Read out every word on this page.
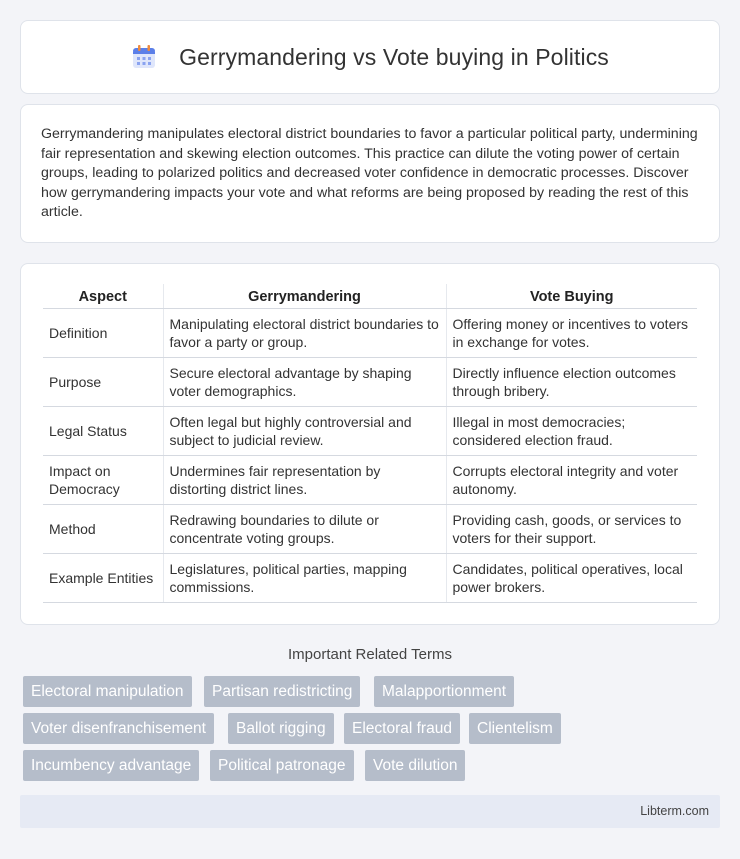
Gerrymandering vs Vote buying in Politics

Gerrymandering manipulates electoral district boundaries to favor a particular political party, undermining fair representation and skewing election outcomes. This practice can dilute the voting power of certain groups, leading to polarized politics and decreased voter confidence in democratic processes. Discover how gerrymandering impacts your vote and what reforms are being proposed by reading the rest of this article.

Aspect	Gerrymandering	Vote Buying
Definition	Manipulating electoral district boundaries to favor a party or group.	Offering money or incentives to voters in exchange for votes.
Purpose	Secure electoral advantage by shaping voter demographics.	Directly influence election outcomes through bribery.
Legal Status	Often legal but highly controversial and subject to judicial review.	Illegal in most democracies; considered election fraud.
Impact on Democracy	Undermines fair representation by distorting district lines.	Corrupts electoral integrity and voter autonomy.
Method	Redrawing boundaries to dilute or concentrate voting groups.	Providing cash, goods, or services to voters for their support.
Example Entities	Legislatures, political parties, mapping commissions.	Candidates, political operatives, local power brokers.
Important Related Terms
Electoral manipulation	Partisan redistricting	Malapportionment
Voter disenfranchisement	Ballot rigging	Electoral fraud	Clientelism
Incumbency advantage	Political patronage	Vote dilution
Libterm.com
